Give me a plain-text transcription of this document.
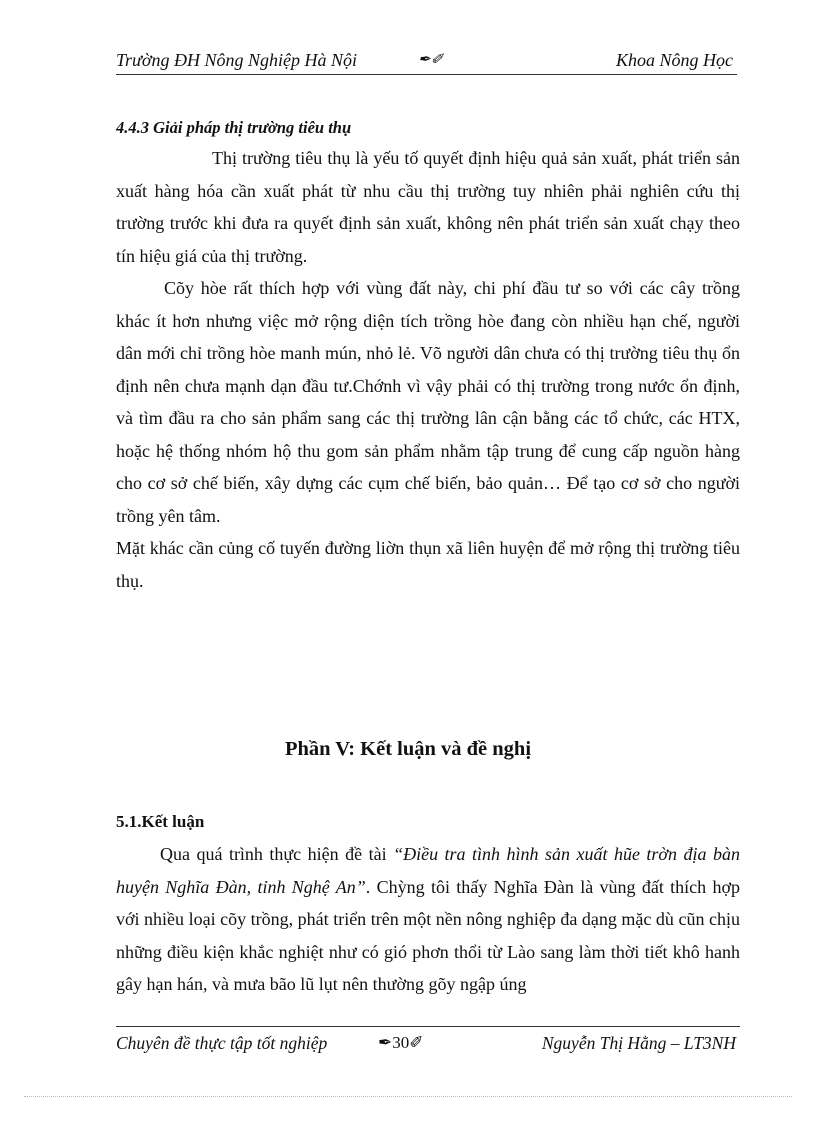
Trường ĐH Nông Nghiệp Hà Nội	✒✐	Khoa Nông Học
4.4.3 Giải pháp thị trường tiêu thụ

Thị trường tiêu thụ là yếu tố quyết định hiệu quả sản xuất, phát triển sản xuất hàng hóa cần xuất phát từ nhu cầu thị trường tuy nhiên phải nghiên cứu thị trường trước khi đưa ra quyết định sản xuất, không nên phát triển sản xuất chạy theo tín hiệu giá của thị trường.

Cõy hòe rất thích hợp với vùng đất này, chi phí đầu tư so với các cây trồng khác ít hơn nhưng việc mở rộng diện tích trồng hòe đang còn nhiều hạn chế, người dân mới chỉ trồng hòe manh mún, nhỏ lẻ. Võ người dân chưa có thị trường tiêu thụ ổn định nên chưa mạnh dạn đầu tư.Chớnh vì vậy phải có thị trường trong nước ổn định, và tìm đầu ra cho sản phẩm sang các thị trường lân cận bằng các tổ chức, các HTX, hoặc hệ thống nhóm hộ thu gom sản phẩm nhằm tập trung để cung cấp nguồn hàng cho cơ sở chế biến, xây dựng các cụm chế biến, bảo quản… Để tạo cơ sở cho người trồng yên tâm.

Mặt khác cần củng cố tuyến đường liờn thụn xã liên huyện để mở rộng thị trường tiêu thụ.

Phần V: Kết luận và đề nghị
5.1.Kết luận

Qua quá trình thực hiện đề tài “Điều tra tình hình sản xuất hũe trờn địa bàn huyện Nghĩa Đàn, tỉnh Nghệ An”. Chỳng tôi thấy Nghĩa Đàn là vùng đất thích hợp với nhiều loại cõy trồng, phát triển trên một nền nông nghiệp đa dạng mặc dù cũn chịu những điều kiện khắc nghiệt như có gió phơn thổi từ Lào sang làm thời tiết khô hanh gây hạn hán, và mưa bão lũ lụt nên thường gõy ngập úng

Chuyên đề thực tập tốt nghiệp	✒30✐	Nguyễn Thị Hằng – LT3NH
